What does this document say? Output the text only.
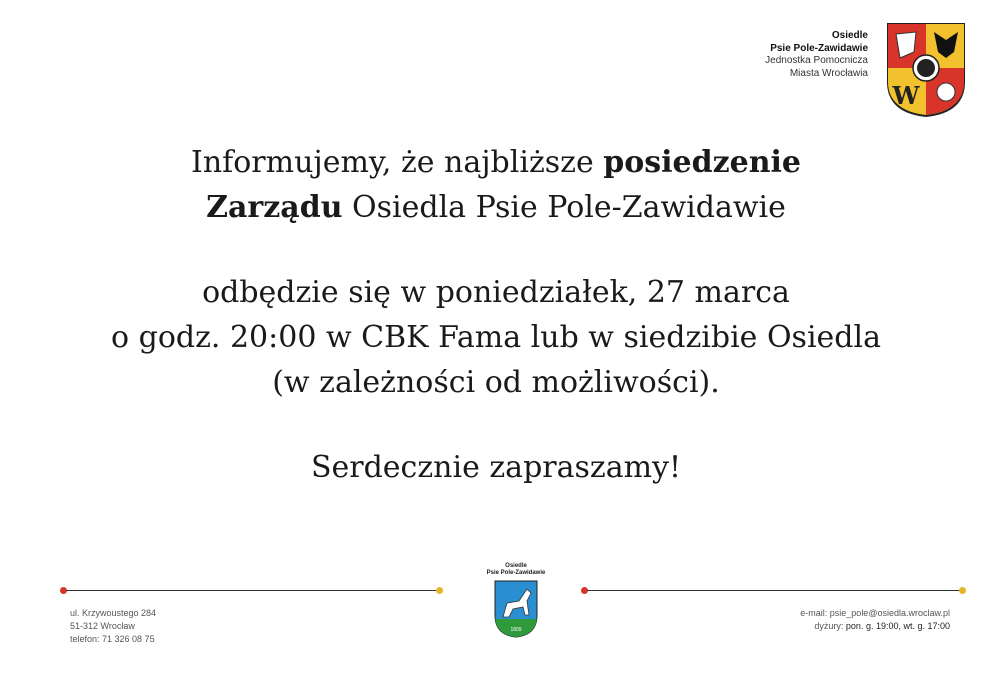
Osiedle
Psie Pole-Zawidawie
Jednostka Pomocnicza
Miasta Wrocławia
W

Informujemy, że najbliższe posiedzenie

Zarządu Osiedla Psie Pole-Zawidawie

odbędzie się w poniedziałek, 27 marca

o godz. 20:00 w CBK Fama lub w siedzibie Osiedla

(w zależności od możliwości).

Serdecznie zapraszamy!

Osiedle
Psie Pole-Zawidawie
1809
ul. Krzywoustego 284
51-312 Wrocław
telefon: 71 326 08 75
e-mail: psie_pole@osiedla.wroclaw.pl
dyżury: pon. g. 19:00, wt. g. 17:00
